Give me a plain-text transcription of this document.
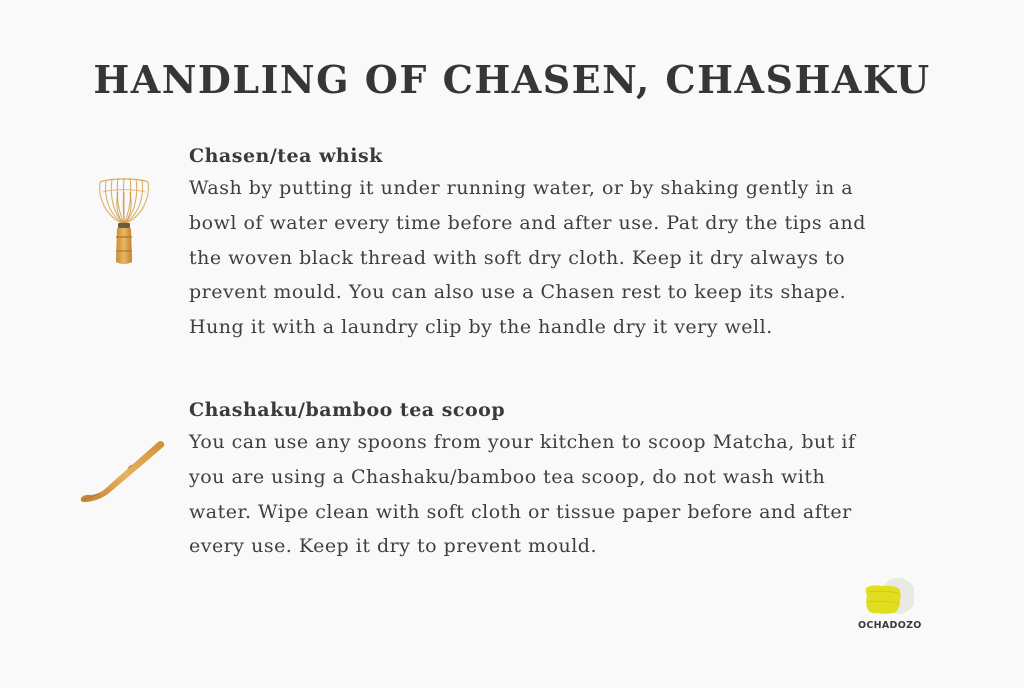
HANDLING OF CHASEN, CHASHAKU
Chasen/tea whisk

Wash by putting it under running water, or by shaking gently in a
bowl of water every time before and after use. Pat dry the tips and
the woven black thread with soft dry cloth. Keep it dry always to
prevent mould. You can also use a Chasen rest to keep its shape.
Hung it with a laundry clip by the handle dry it very well.

Chashaku/bamboo tea scoop

You can use any spoons from your kitchen to scoop Matcha, but if
you are using a Chashaku/bamboo tea scoop, do not wash with
water. Wipe clean with soft cloth or tissue paper before and after
every use. Keep it dry to prevent mould.

OCHADOZO
